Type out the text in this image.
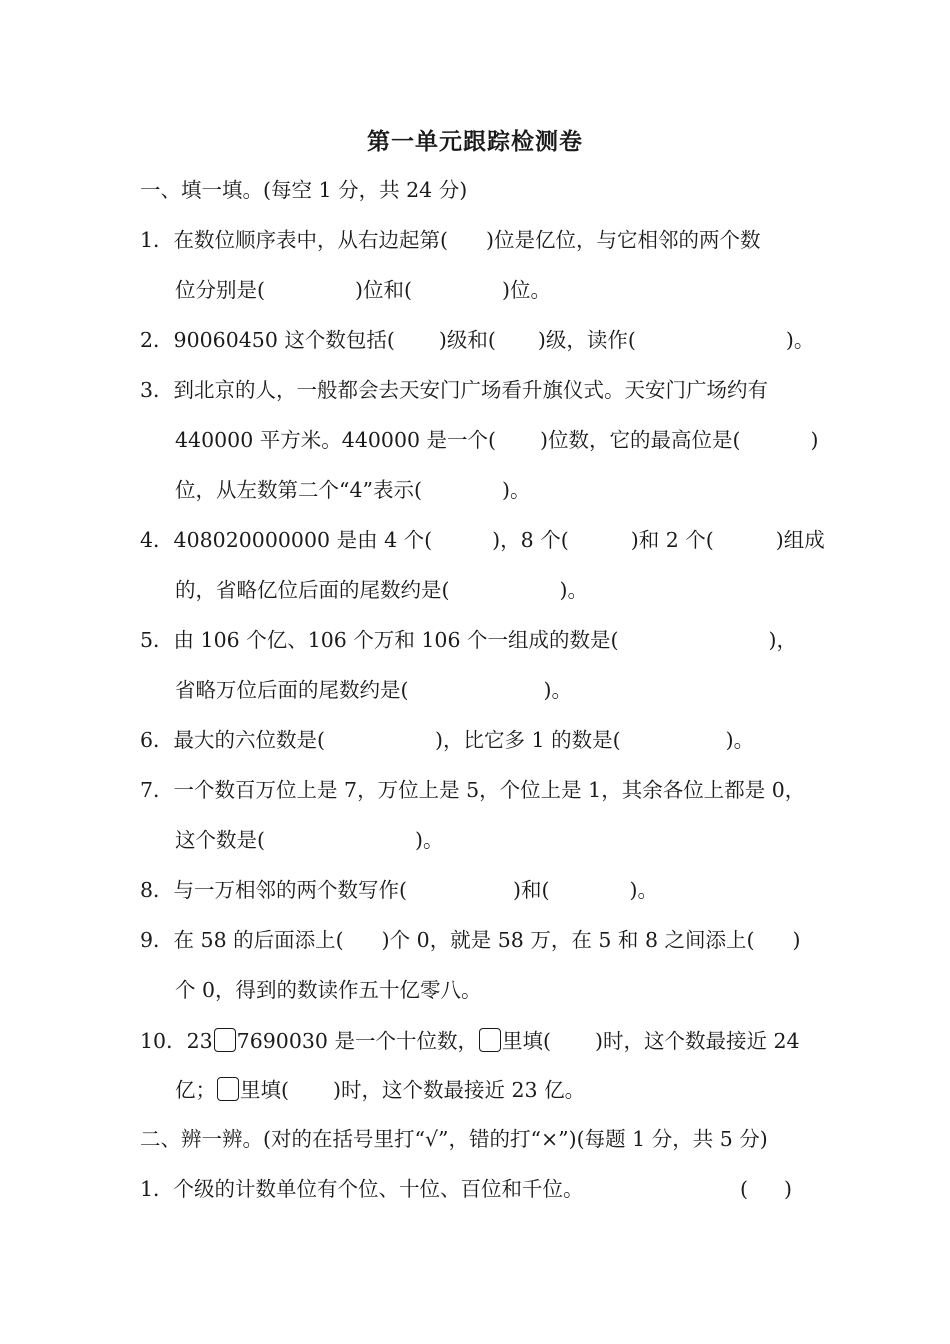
第一单元跟踪检测卷
一、填一填。(每空 1 分，共 24 分)
1．在数位顺序表中，从右边起第( )位是亿位，与它相邻的两个数
位分别是(	)位和(	)位。
2．90060450 这个数包括( )级和( )级，读作(	)。
3．到北京的人，一般都会去天安门广场看升旗仪式。天安门广场约有
440000 平方米。440000 是一个( )位数，它的最高位是(	)
位，从左数第二个“4”表示(	)。
4．408020000000 是由 4 个(	)，8 个(	)和 2 个(	)组成
的，省略亿位后面的尾数约是(	)。
5．由 106 个亿、106 个万和 106 个一组成的数是(	)，
省略万位后面的尾数约是(	)。
6．最大的六位数是(	)，比它多 1 的数是(	)。
7．一个数百万位上是 7，万位上是 5，个位上是 1，其余各位上都是 0，
这个数是(	)。
8．与一万相邻的两个数写作(	)和(	)。
9．在 58 的后面添上( )个 0，就是 58 万，在 5 和 8 之间添上( )
个 0，得到的数读作五十亿零八。
10．23 7690030 是一个十位数， 里填( )时，这个数最接近 24
亿； 里填( )时，这个数最接近 23 亿。
二、辨一辨。(对的在括号里打“√”，错的打“×”)(每题 1 分，共 5 分)
1．个级的计数单位有个位、十位、百位和千位。	( )
